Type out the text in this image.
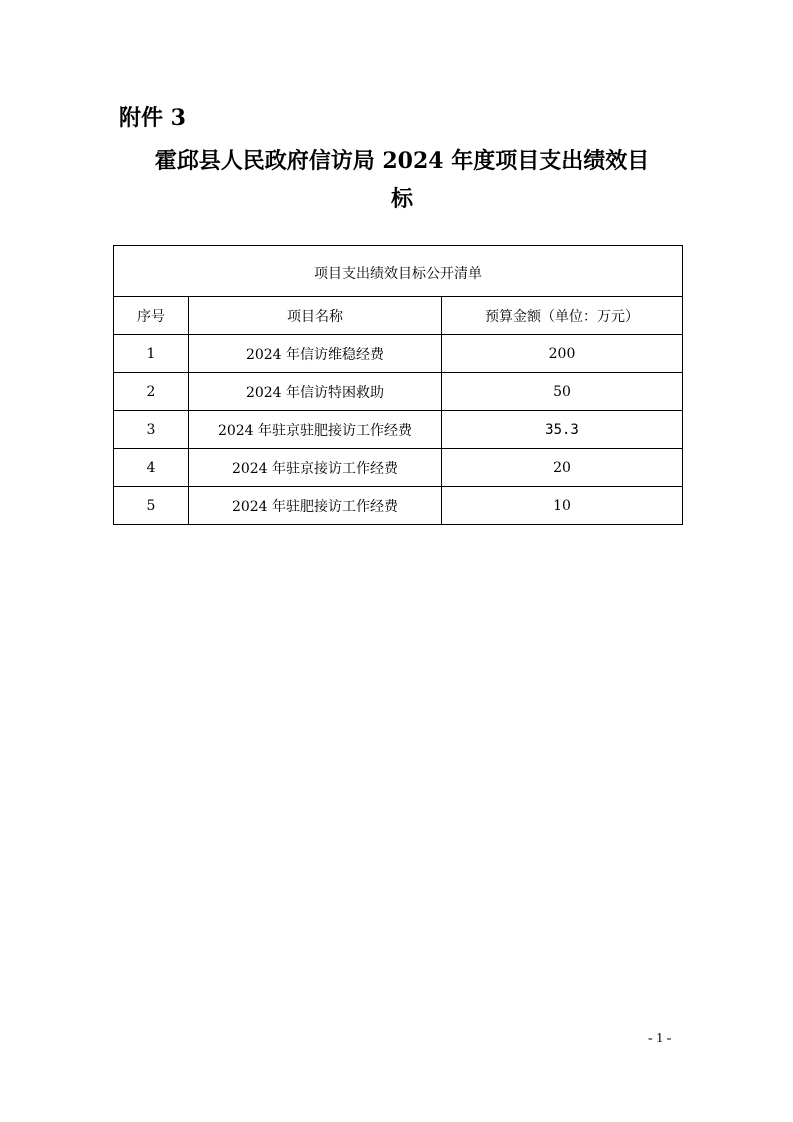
附件 3
霍邱县人民政府信访局 2024 年度项目支出绩效目
标
项目支出绩效目标公开清单		
序号	项目名称	预算金额（单位：万元）
1	2024 年信访维稳经费	200
2	2024 年信访特困救助	50
3	2024 年驻京驻肥接访工作经费	35.3
4	2024 年驻京接访工作经费	20
5	2024 年驻肥接访工作经费	10
- 1 -
